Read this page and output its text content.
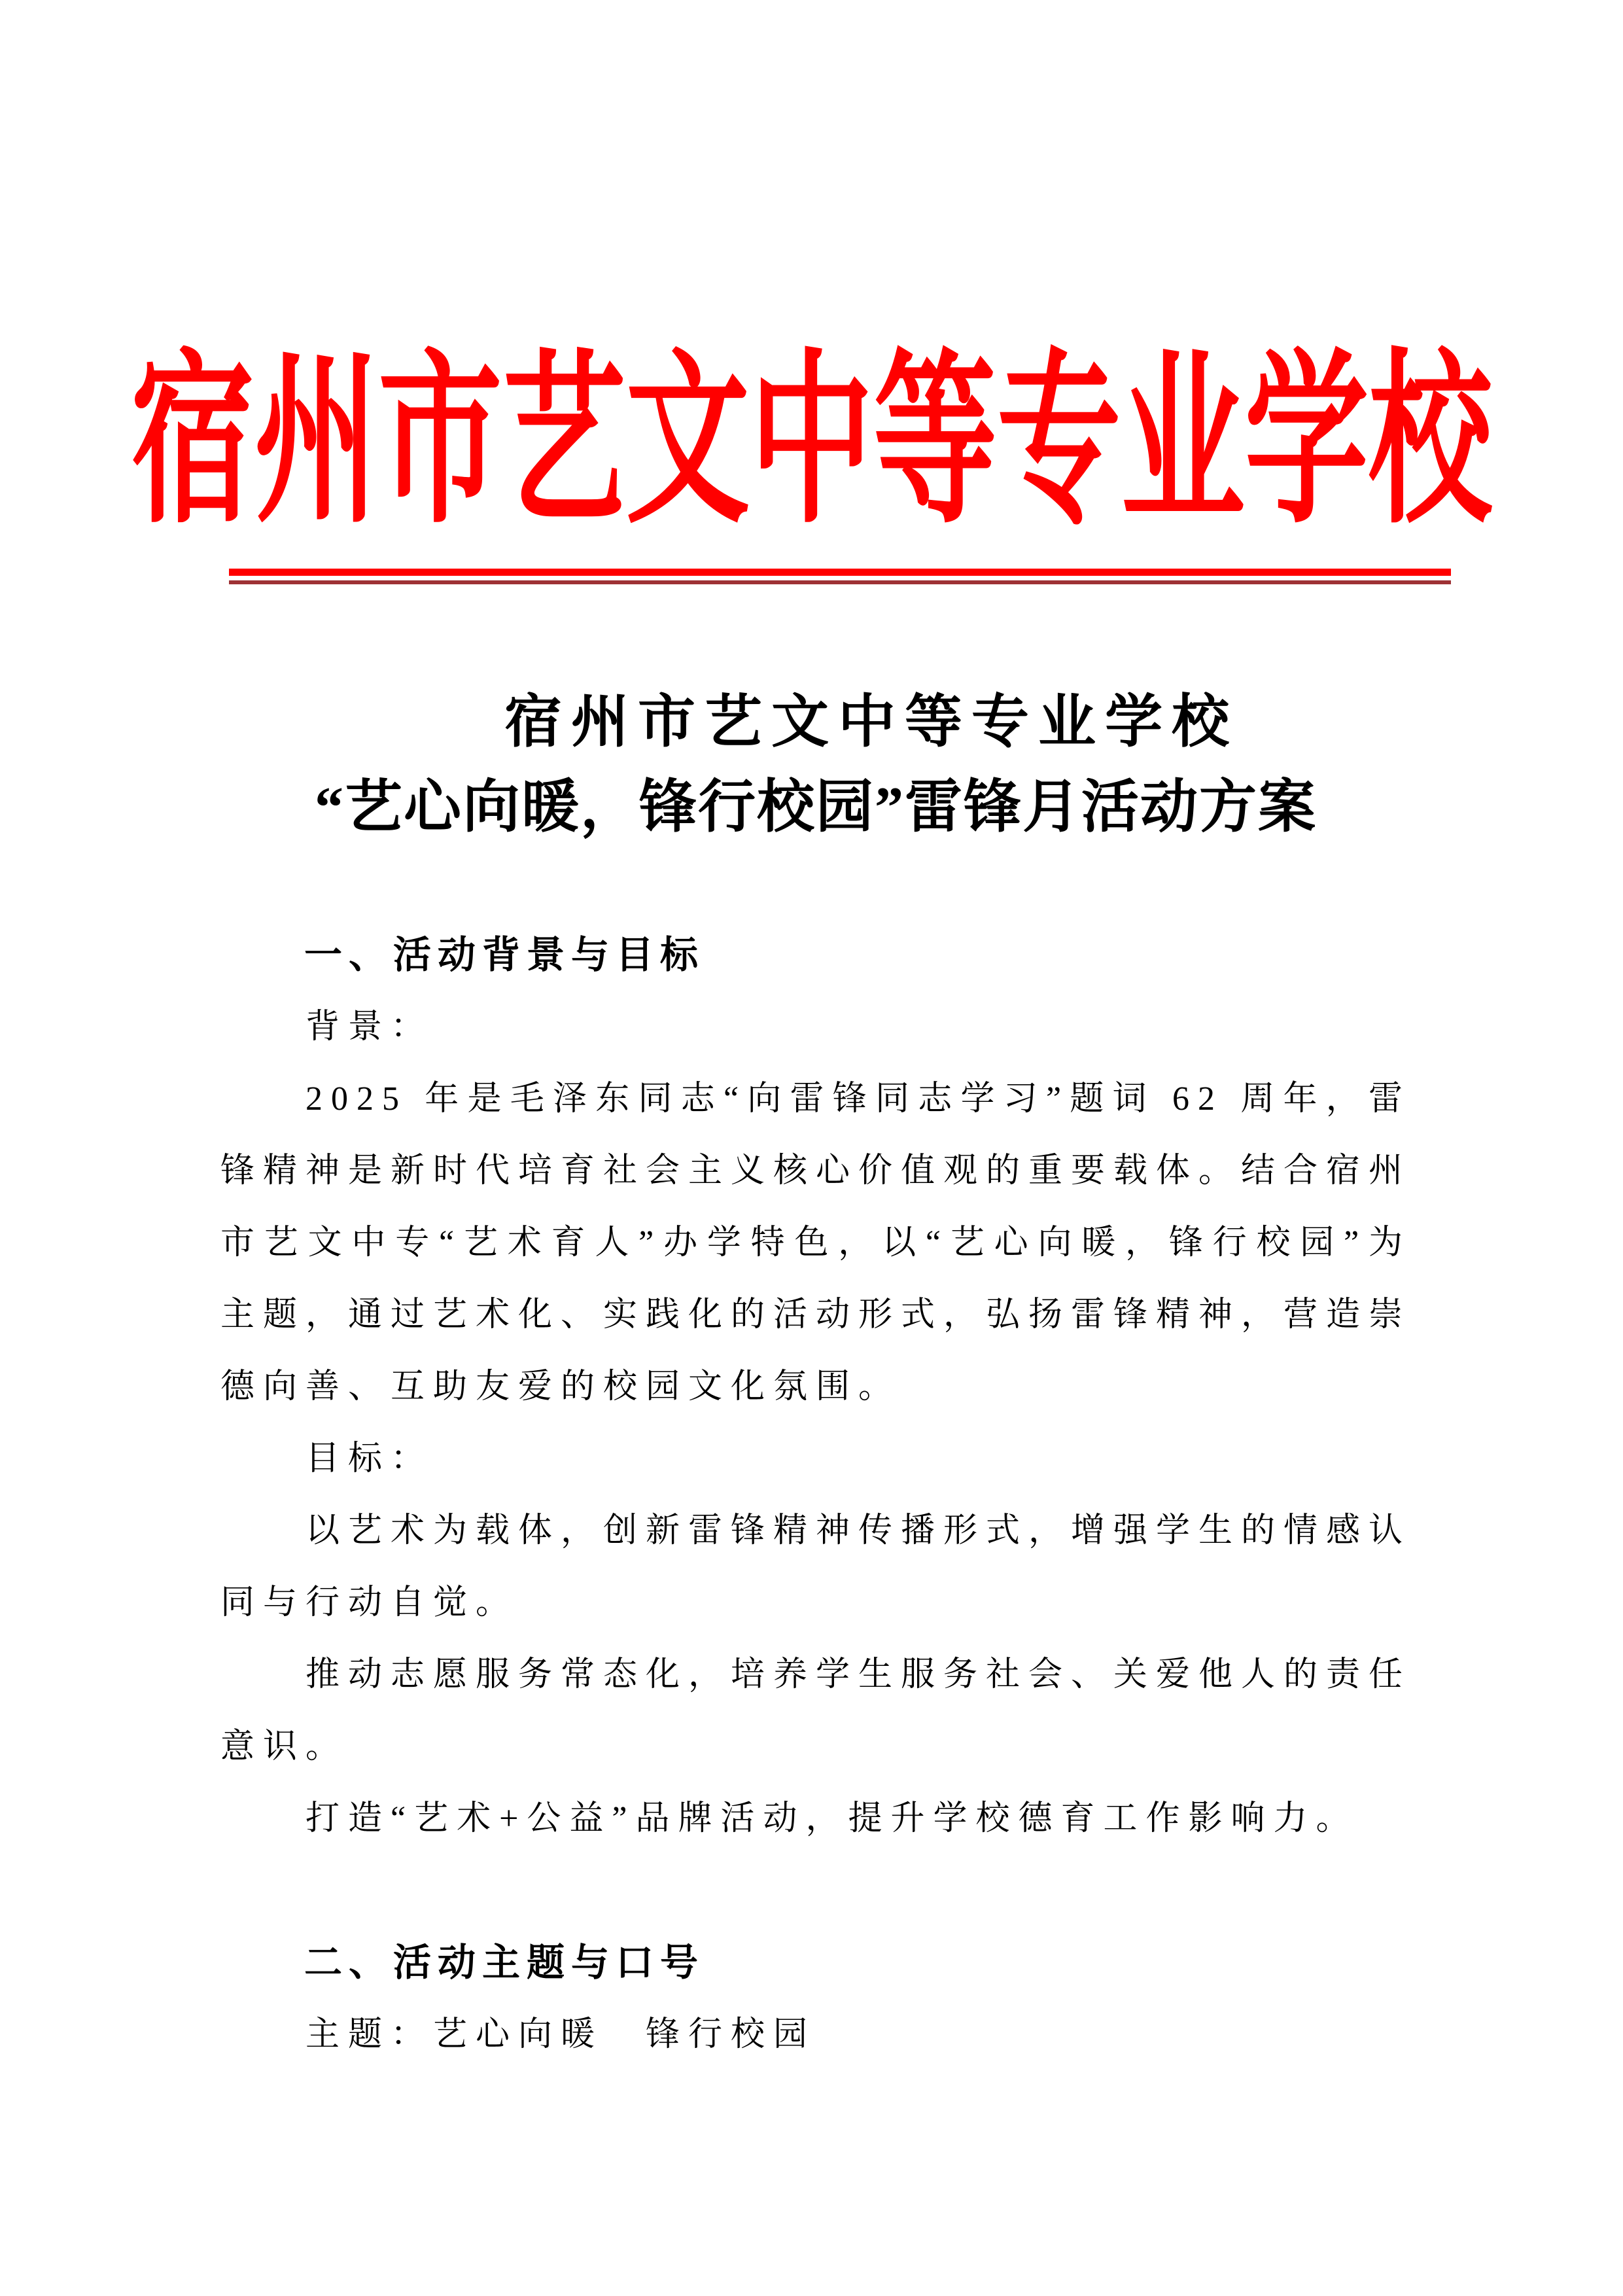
宿州市艺文中等专业学校
宿州市艺文中等专业学校
“艺心向暖，锋行校园”雷锋月活动方案
一、活动背景与目标

背景：

2025 年是毛泽东同志“向雷锋同志学习”题词 62 周年，雷锋精神是新时代培育社会主义核心价值观的重要载体。结合宿州市艺文中专“艺术育人”办学特色，以“艺心向暖，锋行校园”为主题，通过艺术化、实践化的活动形式，弘扬雷锋精神，营造崇德向善、互助友爱的校园文化氛围。

目标：

以艺术为载体，创新雷锋精神传播形式，增强学生的情感认同与行动自觉。

推动志愿服务常态化，培养学生服务社会、关爱他人的责任意识。

打造“艺术+公益”品牌活动，提升学校德育工作影响力。

二、活动主题与口号

主题：艺心向暖　锋行校园
